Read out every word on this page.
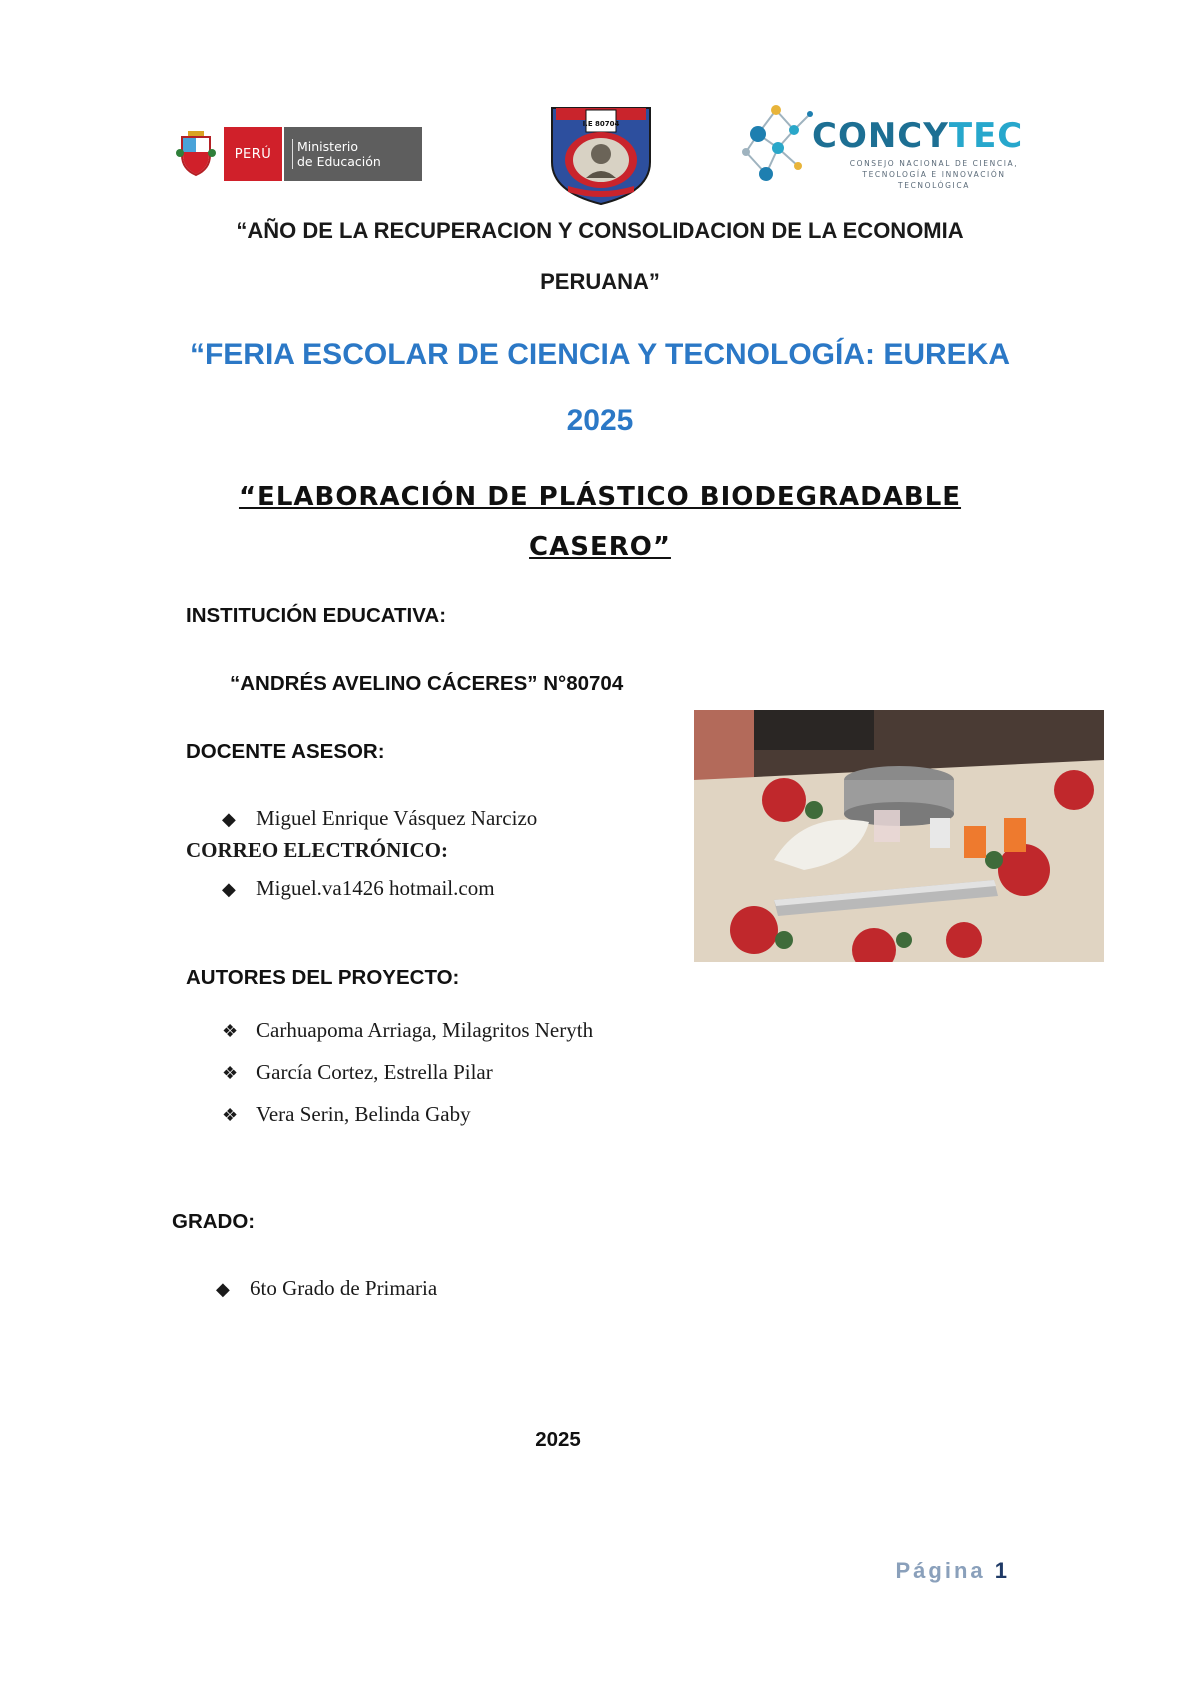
PERÚ	Ministerio
de Educación
I.E 80704	CONCYTEC
CONSEJO NACIONAL DE CIENCIA,
TECNOLOGÍA E INNOVACIÓN TECNOLÓGICA
“AÑO DE LA RECUPERACION Y CONSOLIDACION DE LA ECONOMIA
PERUANA”
“FERIA ESCOLAR DE CIENCIA Y TECNOLOGÍA: EUREKA
2025
“ELABORACIÓN DE PLÁSTICO BIODEGRADABLE
CASERO”
INSTITUCIÓN EDUCATIVA:
“ANDRÉS AVELINO CÁCERES” N°80704
DOCENTE ASESOR:
◆ Miguel Enrique Vásquez Narcizo
CORREO ELECTRÓNICO:
◆ Miguel.va1426 hotmail.com
AUTORES DEL PROYECTO:
❖ Carhuapoma Arriaga, Milagritos Neryth
❖ García Cortez, Estrella Pilar
❖ Vera Serin, Belinda Gaby
GRADO:
◆ 6to Grado de Primaria
2025
Página 1
